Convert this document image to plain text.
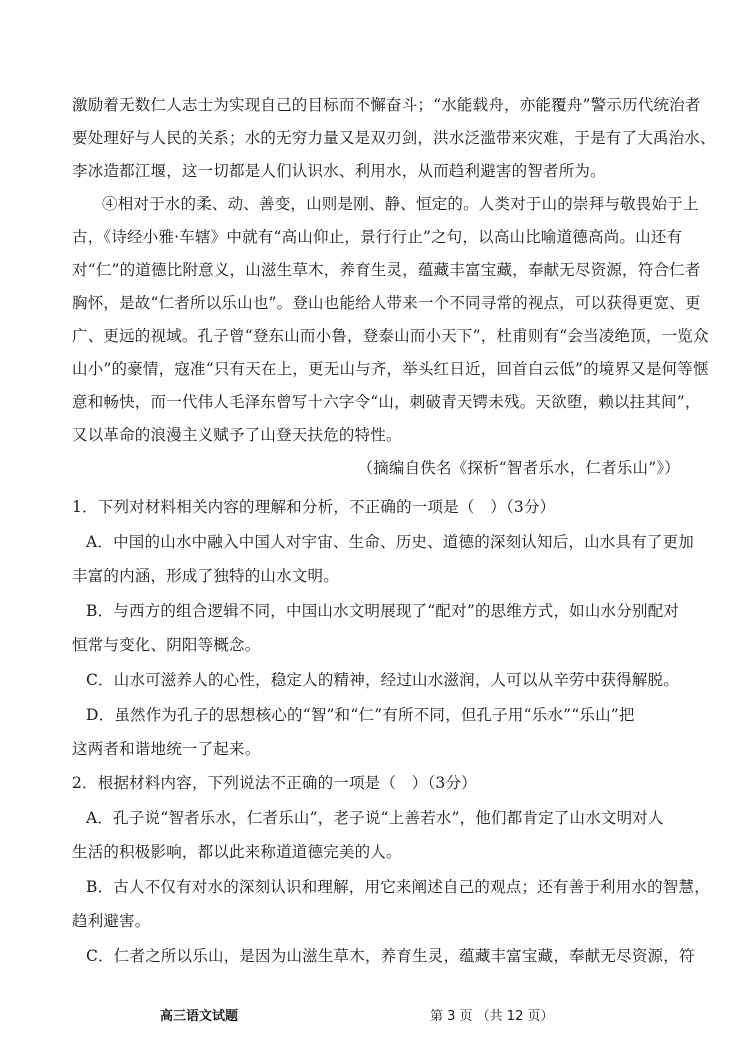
激励着无数仁人志士为实现自己的目标而不懈奋斗；“水能载舟，亦能覆舟”警示历代统治者
要处理好与人民的关系；水的无穷力量又是双刃剑，洪水泛滥带来灾难，于是有了大禹治水、
李冰造都江堰，这一切都是人们认识水、利用水，从而趋利避害的智者所为。
④相对于水的柔、动、善变，山则是刚、静、恒定的。人类对于山的崇拜与敬畏始于上
古，《诗经小雅·车辖》中就有“高山仰止，景行行止”之句，以高山比喻道德高尚。山还有
对“仁”的道德比附意义，山滋生草木，养育生灵，蕴藏丰富宝藏，奉献无尽资源，符合仁者
胸怀，是故“仁者所以乐山也”。登山也能给人带来一个不同寻常的视点，可以获得更宽、更
广、更远的视域。孔子曾“登东山而小鲁，登泰山而小天下”，杜甫则有“会当凌绝顶，一览众
山小”的豪情，寇准“只有天在上，更无山与齐，举头红日近，回首白云低”的境界又是何等惬
意和畅快，而一代伟人毛泽东曾写十六字令“山，刺破青天锷未残。天欲堕，赖以拄其间”，
又以革命的浪漫主义赋予了山登天扶危的特性。
（摘编自佚名《探析“智者乐水，仁者乐山”》）
1．下列对材料相关内容的理解和分析，不正确的一项是（　）（3分）
A．中国的山水中融入中国人对宇宙、生命、历史、道德的深刻认知后，山水具有了更加
丰富的内涵，形成了独特的山水文明。
B．与西方的组合逻辑不同，中国山水文明展现了“配对”的思维方式，如山水分别配对
恒常与变化、阴阳等概念。
C．山水可滋养人的心性，稳定人的精神，经过山水滋润，人可以从辛劳中获得解脱。
D．虽然作为孔子的思想核心的“智”和“仁”有所不同，但孔子用“乐水”“乐山”把
这两者和谐地统一了起来。
2．根据材料内容，下列说法不正确的一项是（　）（3分）
A．孔子说“智者乐水，仁者乐山”，老子说“上善若水”，他们都肯定了山水文明对人
生活的积极影响，都以此来称道道德完美的人。
B．古人不仅有对水的深刻认识和理解，用它来阐述自己的观点；还有善于利用水的智慧，
趋利避害。
C．仁者之所以乐山，是因为山滋生草木，养育生灵，蕴藏丰富宝藏，奉献无尽资源，符
高三语文试题	第 3 页 （共 12 页）
